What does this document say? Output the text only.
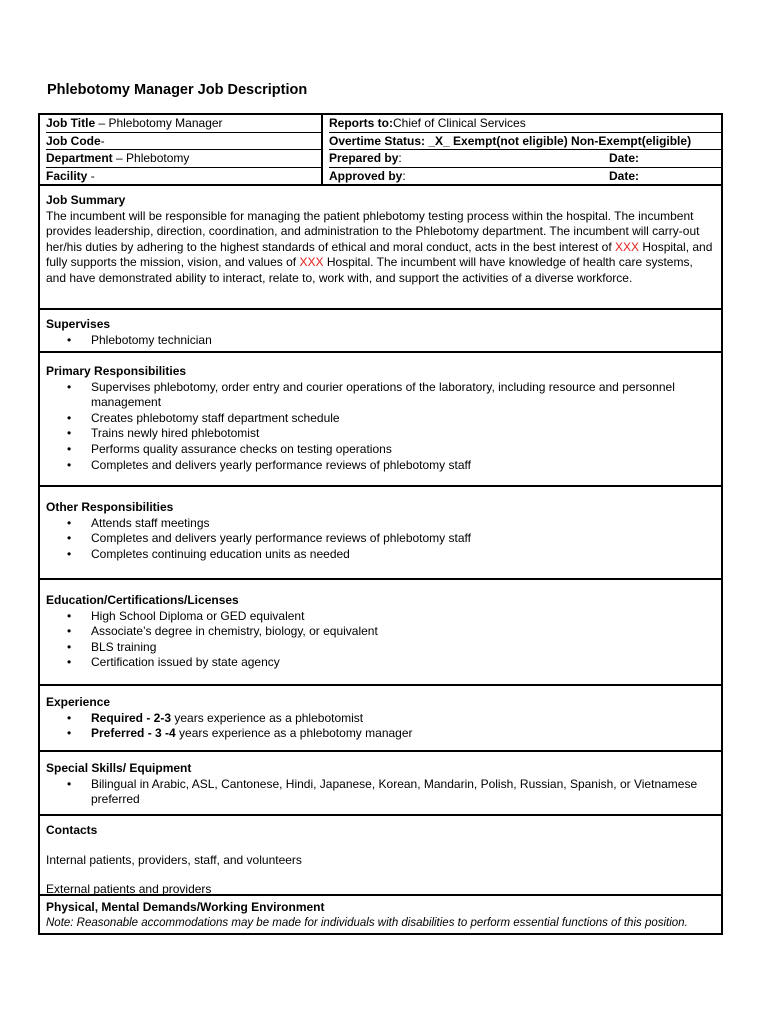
Phlebotomy Manager Job Description
Job Title – Phlebotomy Manager
Job Code-
Department – Phlebotomy
Facility -
Reports to: Chief of Clinical Services
Overtime Status: _X_ Exempt(not eligible) Non-Exempt(eligible)
Prepared by :	Date:
Approved by :	Date:
Job Summary

The incumbent will be responsible for managing the patient phlebotomy testing process within the hospital. The incumbent provides leadership, direction, coordination, and administration to the Phlebotomy department. The incumbent will carry-out her/his duties by adhering to the highest standards of ethical and moral conduct, acts in the best interest of XXX Hospital, and fully supports the mission, vision, and values of XXX Hospital. The incumbent will have knowledge of health care systems, and have demonstrated ability to interact, relate to, work with, and support the activities of a diverse workforce.

Supervises
• Phlebotomy technician
Primary Responsibilities
• Supervises phlebotomy, order entry and courier operations of the laboratory, including resource and personnel management
• Creates phlebotomy staff department schedule
• Trains newly hired phlebotomist
• Performs quality assurance checks on testing operations
• Completes and delivers yearly performance reviews of phlebotomy staff
Other Responsibilities
• Attends staff meetings
• Completes and delivers yearly performance reviews of phlebotomy staff
• Completes continuing education units as needed
Education/Certifications/Licenses
• High School Diploma or GED equivalent
• Associate’s degree in chemistry, biology, or equivalent
• BLS training
• Certification issued by state agency
Experience
• Required - 2-3 years experience as a phlebotomist
• Preferred - 3 -4 years experience as a phlebotomy manager
Special Skills/ Equipment
• Bilingual in Arabic, ASL, Cantonese, Hindi, Japanese, Korean, Mandarin, Polish, Russian, Spanish, or Vietnamese preferred
Contacts

Internal patients, providers, staff, and volunteers

External patients and providers

Physical, Mental Demands/Working Environment

Note: Reasonable accommodations may be made for individuals with disabilities to perform essential functions of this position.
